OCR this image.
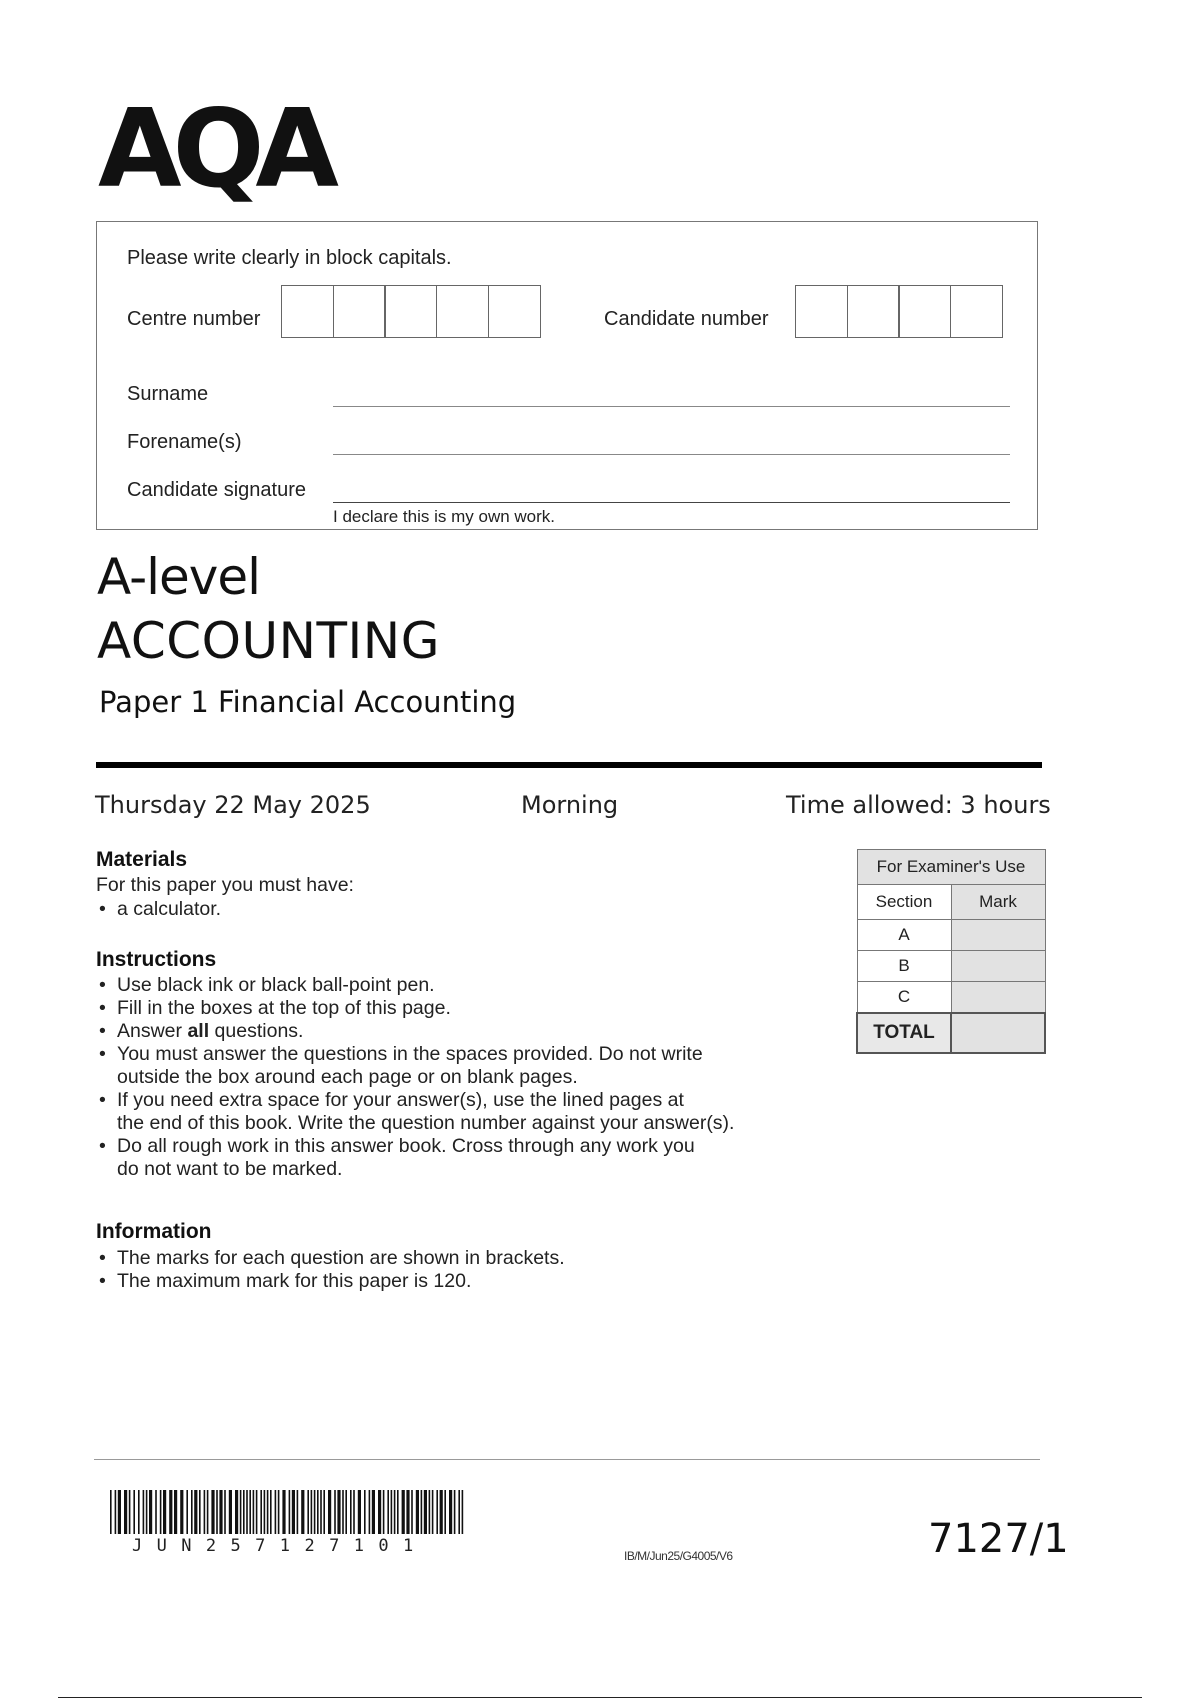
AQA
Please write clearly in block capitals.
Centre number	Candidate number
Surname
Forename(s)
Candidate signature
I declare this is my own work.
A-level
ACCOUNTING
Paper 1 Financial Accounting
Thursday 22 May 2025	Morning	Time allowed: 3 hours
Materials
For this paper you must have:
• a calculator.
Instructions
• Use black ink or black ball-point pen.
• Fill in the boxes at the top of this page.
• Answer all questions.
• You must answer the questions in the spaces provided. Do not write
outside the box around each page or on blank pages.
• If you need extra space for your answer(s), use the lined pages at
the end of this book. Write the question number against your answer(s).
• Do all rough work in this answer book. Cross through any work you
do not want to be marked.
Information
• The marks for each question are shown in brackets.
• The maximum mark for this paper is 120.
For Examiner's Use	
Section	Mark
A	
B	
C	
TOTAL	
JUN257127101	IB/M/Jun25/G4005/V6	7127/1
